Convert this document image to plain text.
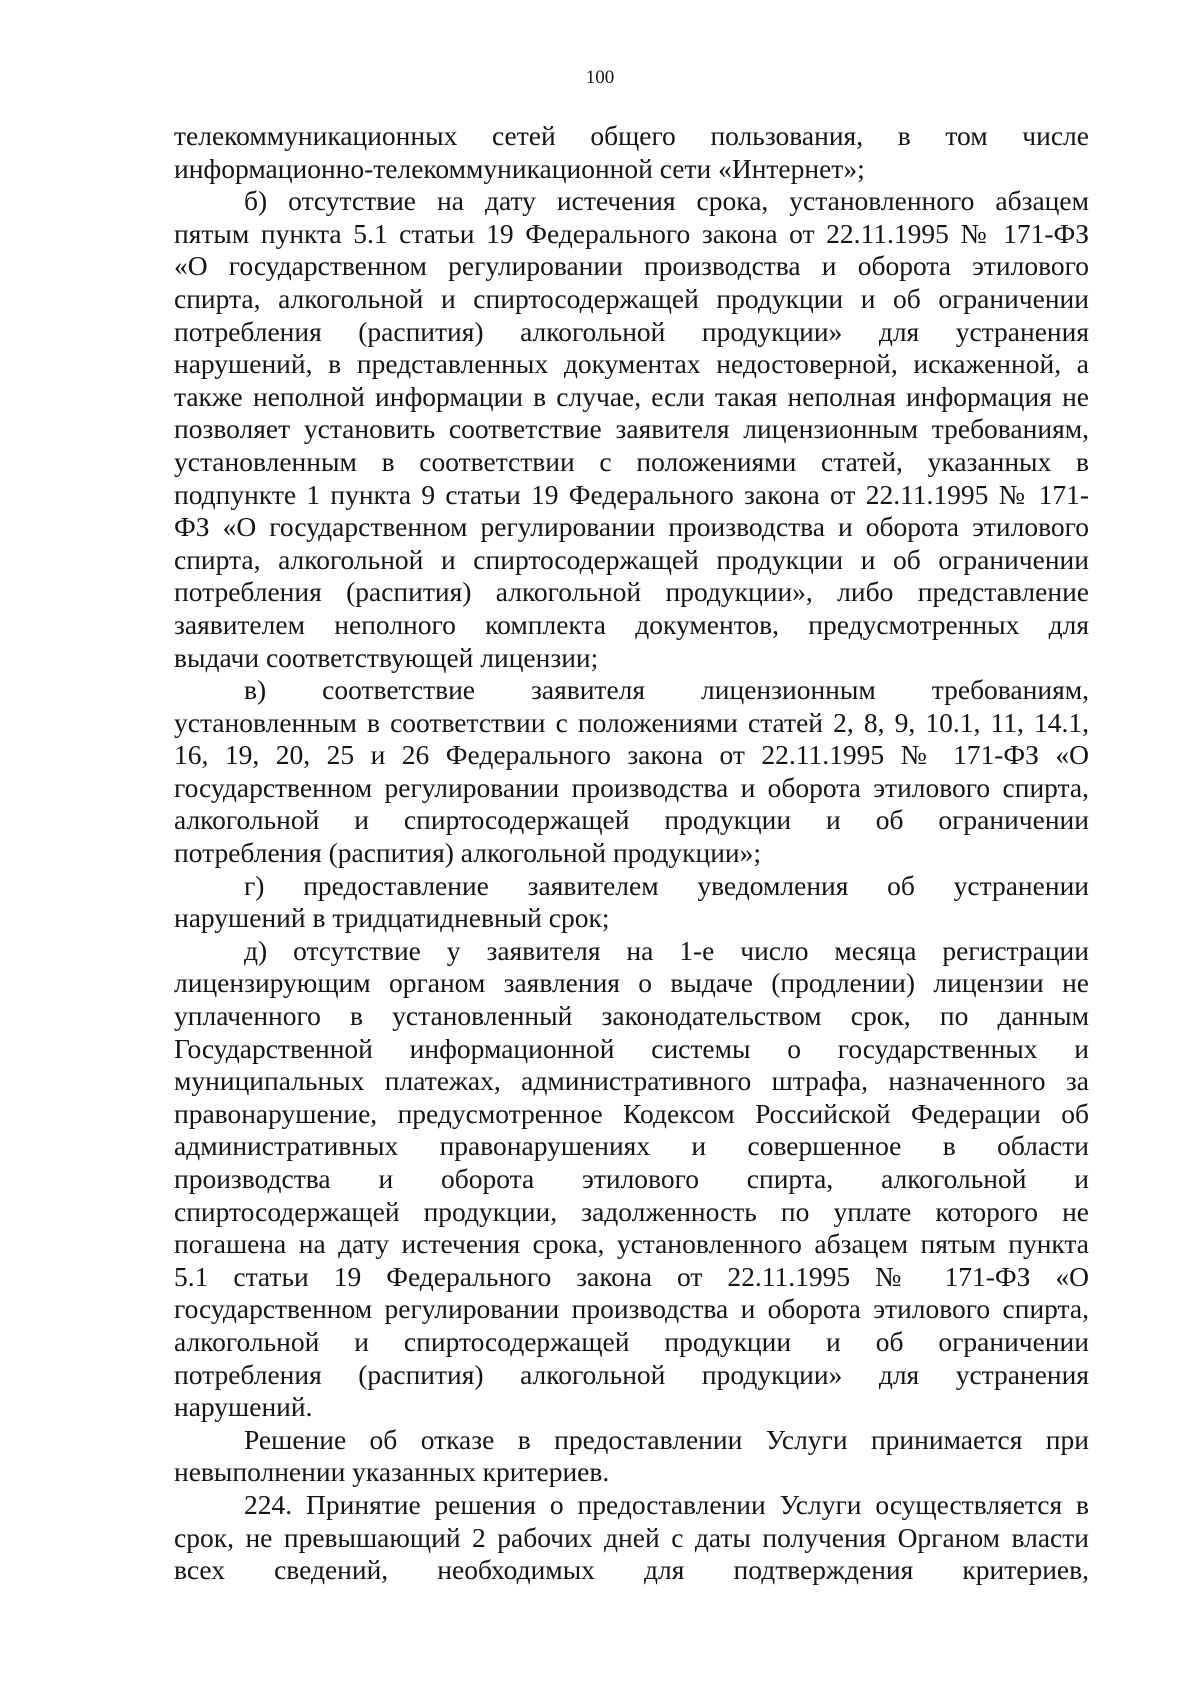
100
телекоммуникационных сетей общего пользования, в том числе
информационно-телекоммуникационной сети «Интернет»;
б) отсутствие на дату истечения срока, установленного абзацем
пятым пункта 5.1 статьи 19 Федерального закона от 22.11.1995 № 171-ФЗ
«О государственном регулировании производства и оборота этилового
спирта, алкогольной и спиртосодержащей продукции и об ограничении
потребления (распития) алкогольной продукции» для устранения
нарушений, в представленных документах недостоверной, искаженной, а
также неполной информации в случае, если такая неполная информация не
позволяет установить соответствие заявителя лицензионным требованиям,
установленным в соответствии с положениями статей, указанных в
подпункте 1 пункта 9 статьи 19 Федерального закона от 22.11.1995 № 171-
ФЗ «О государственном регулировании производства и оборота этилового
спирта, алкогольной и спиртосодержащей продукции и об ограничении
потребления (распития) алкогольной продукции», либо представление
заявителем неполного комплекта документов, предусмотренных для
выдачи соответствующей лицензии;
в) соответствие заявителя лицензионным требованиям,
установленным в соответствии с положениями статей 2, 8, 9, 10.1, 11, 14.1,
16, 19, 20, 25 и 26 Федерального закона от 22.11.1995 № 171-ФЗ «О
государственном регулировании производства и оборота этилового спирта,
алкогольной и спиртосодержащей продукции и об ограничении
потребления (распития) алкогольной продукции»;
г) предоставление заявителем уведомления об устранении
нарушений в тридцатидневный срок;
д) отсутствие у заявителя на 1-е число месяца регистрации
лицензирующим органом заявления о выдаче (продлении) лицензии не
уплаченного в установленный законодательством срок, по данным
Государственной информационной системы о государственных и
муниципальных платежах, административного штрафа, назначенного за
правонарушение, предусмотренное Кодексом Российской Федерации об
административных правонарушениях и совершенное в области
производства и оборота этилового спирта, алкогольной и
спиртосодержащей продукции, задолженность по уплате которого не
погашена на дату истечения срока, установленного абзацем пятым пункта
5.1 статьи 19 Федерального закона от 22.11.1995 № 171-ФЗ «О
государственном регулировании производства и оборота этилового спирта,
алкогольной и спиртосодержащей продукции и об ограничении
потребления (распития) алкогольной продукции» для устранения
нарушений.
Решение об отказе в предоставлении Услуги принимается при
невыполнении указанных критериев.
224. Принятие решения о предоставлении Услуги осуществляется в
срок, не превышающий 2 рабочих дней с даты получения Органом власти
всех сведений, необходимых для подтверждения критериев,
